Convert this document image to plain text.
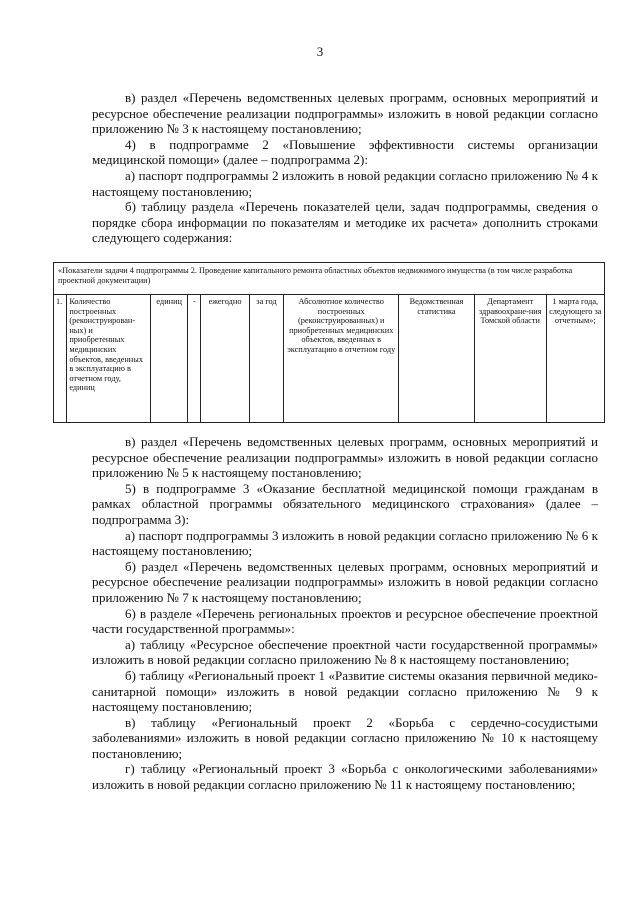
3

в) раздел «Перечень ведомственных целевых программ, основных мероприятий и ресурсное обеспечение реализации подпрограммы» изложить в новой редакции согласно приложению № 3 к настоящему постановлению;

4) в подпрограмме 2 «Повышение эффективности системы организации медицинской помощи» (далее – подпрограмма 2):

а) паспорт подпрограммы 2 изложить в новой редакции согласно приложению № 4 к настоящему постановлению;

б) таблицу раздела «Перечень показателей цели, задач подпрограммы, сведения о порядке сбора информации по показателям и методике их расчета» дополнить строками следующего содержания:

«Показатели задачи 4 подпрограммы 2. Проведение капитального ремонта областных объектов недвижимого имущества (в том числе разработка проектной документации)
1.	Количество построенных (реконструирован-ных) и приобретенных медицинских объектов, введенных в эксплуатацию в отчетном году, единиц	единиц	-	ежегодно	за год	Абсолютное количество построенных (реконструированных) и приобретенных медицинских объектов, введенных в эксплуатацию в отчетном году	Ведомственная статистика	Департамент здравоохране-ния Томской области	1 марта года, следующего за отчетным»;

в) раздел «Перечень ведомственных целевых программ, основных мероприятий и ресурсное обеспечение реализации подпрограммы» изложить в новой редакции согласно приложению № 5 к настоящему постановлению;

5) в подпрограмме 3 «Оказание бесплатной медицинской помощи гражданам в рамках областной программы обязательного медицинского страхования» (далее – подпрограмма 3):

а) паспорт подпрограммы 3 изложить в новой редакции согласно приложению № 6 к настоящему постановлению;

б) раздел «Перечень ведомственных целевых программ, основных мероприятий и ресурсное обеспечение реализации подпрограммы» изложить в новой редакции согласно приложению № 7 к настоящему постановлению;

6) в разделе «Перечень региональных проектов и ресурсное обеспечение проектной части государственной программы»:

а) таблицу «Ресурсное обеспечение проектной части государственной программы» изложить в новой редакции согласно приложению № 8 к настоящему постановлению;

б) таблицу «Региональный проект 1 «Развитие системы оказания первичной медико-санитарной помощи» изложить в новой редакции согласно приложению № 9 к настоящему постановлению;

в) таблицу «Региональный проект 2 «Борьба с сердечно-сосудистыми заболеваниями» изложить в новой редакции согласно приложению № 10 к настоящему постановлению;

г) таблицу «Региональный проект 3 «Борьба с онкологическими заболеваниями» изложить в новой редакции согласно приложению № 11 к настоящему постановлению;
